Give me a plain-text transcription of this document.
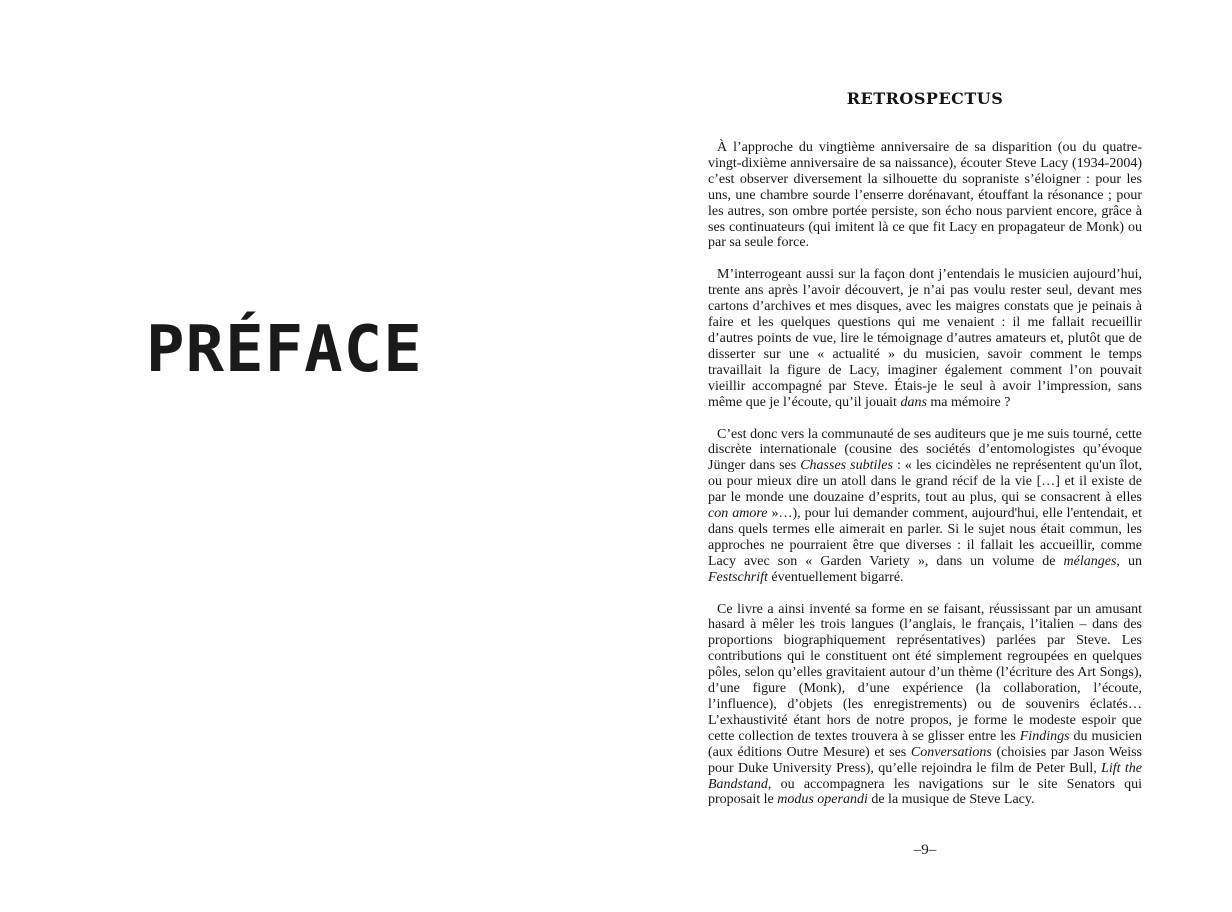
PRÉFACE
RETROSPECTUS

À l’approche du vingtième anniversaire de sa disparition (ou du quatre-vingt-dixième anniversaire de sa naissance), écouter Steve Lacy (1934-2004) c’est observer diversement la silhouette du sopraniste s’éloigner : pour les uns, une chambre sourde l’enserre dorénavant, étouffant la résonance ; pour les autres, son ombre portée persiste, son écho nous parvient encore, grâce à ses continuateurs (qui imitent là ce que fit Lacy en propagateur de Monk) ou par sa seule force.

M’interrogeant aussi sur la façon dont j’entendais le musicien aujourd’hui, trente ans après l’avoir découvert, je n’ai pas voulu rester seul, devant mes cartons d’archives et mes disques, avec les maigres constats que je peinais à faire et les quelques questions qui me venaient : il me fallait recueillir d’autres points de vue, lire le témoignage d’autres amateurs et, plutôt que de disserter sur une « actualité » du musicien, savoir comment le temps travaillait la figure de Lacy, imaginer également comment l’on pouvait vieillir accompagné par Steve. Étais-je le seul à avoir l’impression, sans même que je l’écoute, qu’il jouait dans ma mémoire ?

C’est donc vers la communauté de ses auditeurs que je me suis tourné, cette discrète internationale (cousine des sociétés d’entomologistes qu’évoque Jünger dans ses Chasses subtiles : « les cicindèles ne représentent qu'un îlot, ou pour mieux dire un atoll dans le grand récif de la vie […] et il existe de par le monde une douzaine d’esprits, tout au plus, qui se consacrent à elles con amore »…), pour lui demander comment, aujourd'hui, elle l'entendait, et dans quels termes elle aimerait en parler. Si le sujet nous était commun, les approches ne pourraient être que diverses : il fallait les accueillir, comme Lacy avec son « Garden Variety », dans un volume de mélanges, un Festschrift éventuellement bigarré.

Ce livre a ainsi inventé sa forme en se faisant, réussissant par un amusant hasard à mêler les trois langues (l’anglais, le français, l’italien – dans des proportions biographiquement représentatives) parlées par Steve. Les contributions qui le constituent ont été simplement regroupées en quelques pôles, selon qu’elles gravitaient autour d’un thème (l’écriture des Art Songs), d’une figure (Monk), d’une expérience (la collaboration, l’écoute, l’influence), d’objets (les enregistrements) ou de souvenirs éclatés… L’exhaustivité étant hors de notre propos, je forme le modeste espoir que cette collection de textes trouvera à se glisser entre les Findings du musicien (aux éditions Outre Mesure) et ses Conversations (choisies par Jason Weiss pour Duke University Press), qu’elle rejoindra le film de Peter Bull, Lift the Bandstand, ou accompagnera les navigations sur le site Senators qui proposait le modus operandi de la musique de Steve Lacy.

–9–
